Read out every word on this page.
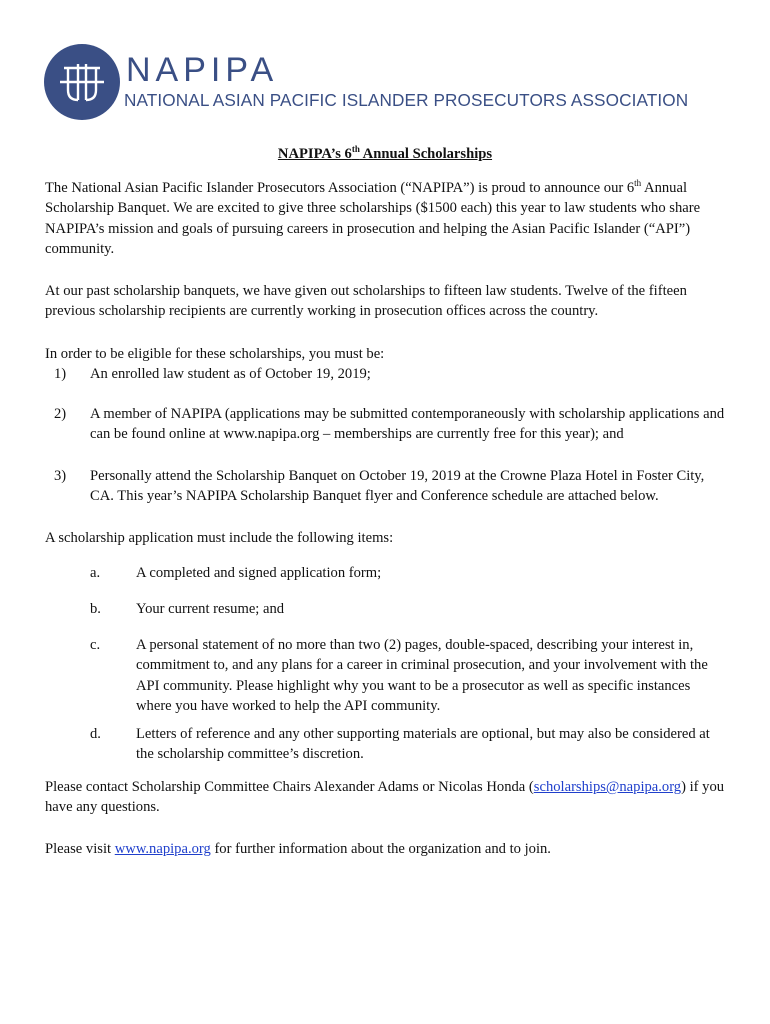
NAPIPA
NATIONAL ASIAN PACIFIC ISLANDER PROSECUTORS ASSOCIATION
NAPIPA’s 6th Annual Scholarships

The National Asian Pacific Islander Prosecutors Association (“NAPIPA”) is proud to announce our 6th Annual Scholarship Banquet. We are excited to give three scholarships ($1500 each) this year to law students who share NAPIPA’s mission and goals of pursuing careers in prosecution and helping the Asian Pacific Islander (“API”) community.

At our past scholarship banquets, we have given out scholarships to fifteen law students. Twelve of the fifteen previous scholarship recipients are currently working in prosecution offices across the country.

In order to be eligible for these scholarships, you must be:

1) An enrolled law student as of October 19, 2019;
2) A member of NAPIPA (applications may be submitted contemporaneously with scholarship applications and can be found online at www.napipa.org – memberships are currently free for this year); and
3) Personally attend the Scholarship Banquet on October 19, 2019 at the Crowne Plaza Hotel in Foster City, CA. This year’s NAPIPA Scholarship Banquet flyer and Conference schedule are attached below.

A scholarship application must include the following items:

a. A completed and signed application form;
b. Your current resume; and
c. A personal statement of no more than two (2) pages, double-spaced, describing your interest in, commitment to, and any plans for a career in criminal prosecution, and your involvement with the API community. Please highlight why you want to be a prosecutor as well as specific instances where you have worked to help the API community.
d. Letters of reference and any other supporting materials are optional, but may also be considered at the scholarship committee’s discretion.

Please contact Scholarship Committee Chairs Alexander Adams or Nicolas Honda (scholarships@napipa.org) if you have any questions.

Please visit www.napipa.org for further information about the organization and to join.
